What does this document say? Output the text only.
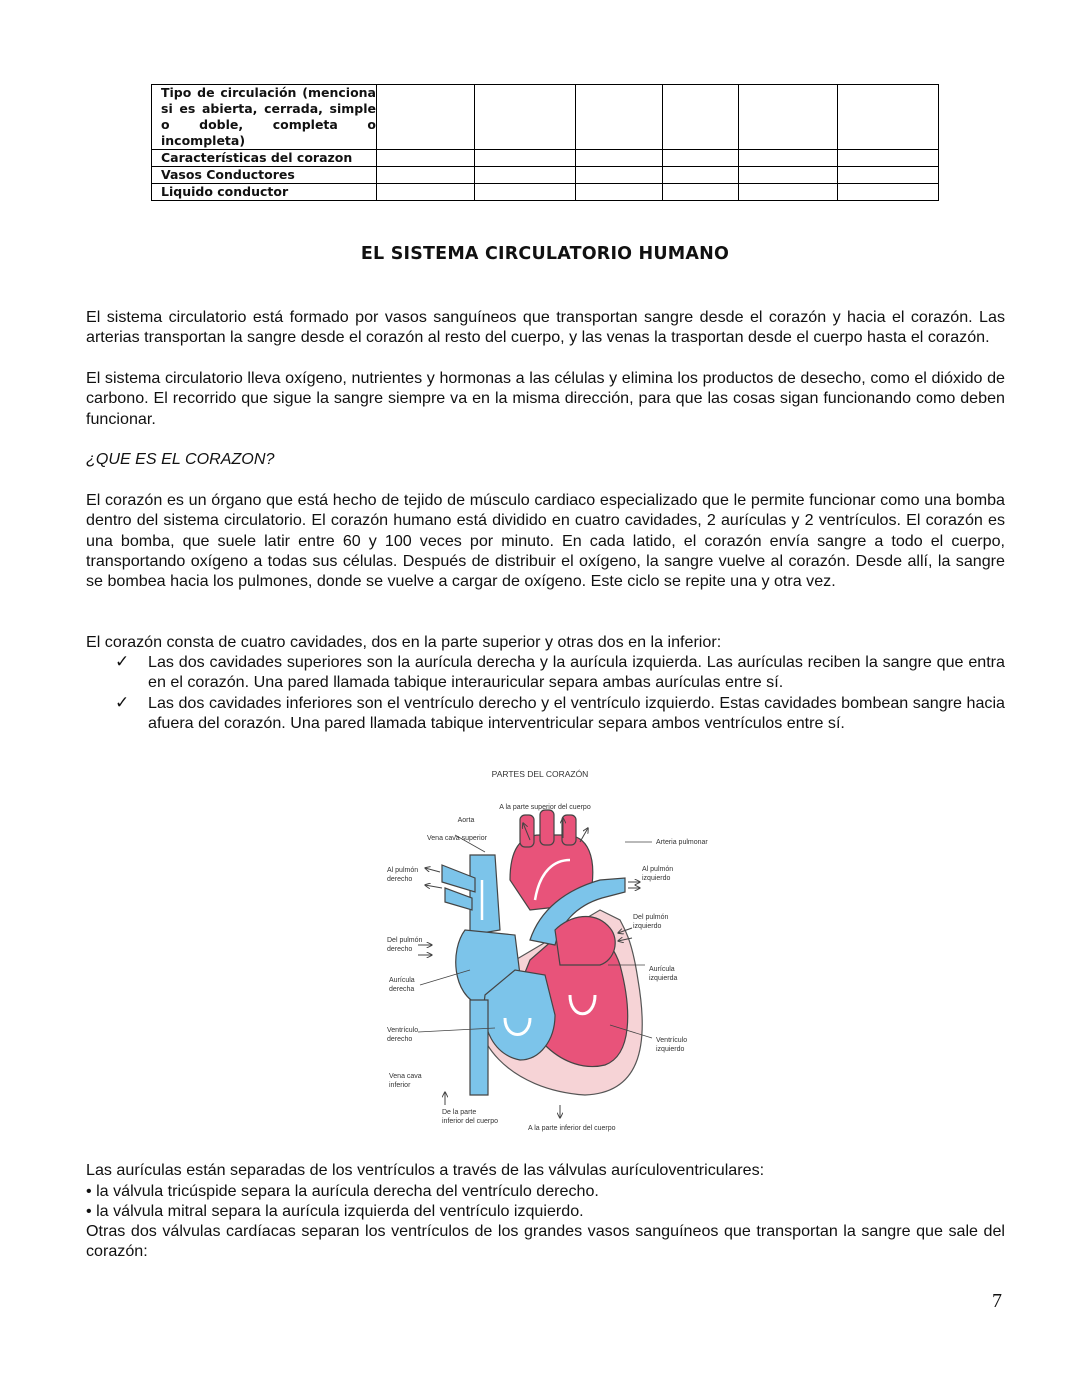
Tipo de circulación (menciona si es abierta, cerrada, simple o doble, completa o incompleta)						
Características del corazon						
Vasos Conductores						
Liquido conductor						
EL SISTEMA CIRCULATORIO HUMANO

El sistema circulatorio está formado por vasos sanguíneos que transportan sangre desde el corazón y hacia el corazón. Las arterias transportan la sangre desde el corazón al resto del cuerpo, y las venas la trasportan desde el cuerpo hasta el corazón.

El sistema circulatorio lleva oxígeno, nutrientes y hormonas a las células y elimina los productos de desecho, como el dióxido de carbono. El recorrido que sigue la sangre siempre va en la misma dirección, para que las cosas sigan funcionando como deben funcionar.

¿QUE ES EL CORAZON?

El corazón es un órgano que está hecho de tejido de músculo cardiaco especializado que le permite funcionar como una bomba dentro del sistema circulatorio. El corazón humano está dividido en cuatro cavidades, 2 aurículas y 2 ventrículos. El corazón es una bomba, que suele latir entre 60 y 100 veces por minuto. En cada latido, el corazón envía sangre a todo el cuerpo, transportando oxígeno a todas sus células. Después de distribuir el oxígeno, la sangre vuelve al corazón. Desde allí, la sangre se bombea hacia los pulmones, donde se vuelve a cargar de oxígeno. Este ciclo se repite una y otra vez.

El corazón consta de cuatro cavidades, dos en la parte superior y otras dos en la inferior:

✓ Las dos cavidades superiores son la aurícula derecha y la aurícula izquierda. Las aurículas reciben la sangre que entra en el corazón. Una pared llamada tabique interauricular separa ambas aurículas entre sí.
✓ Las dos cavidades inferiores son el ventrículo derecho y el ventrículo izquierdo. Estas cavidades bombean sangre hacia afuera del corazón. Una pared llamada tabique interventricular separa ambos ventrículos entre sí.
PARTES DEL CORAZÓN
A la parte superior del cuerpo
Aorta
Vena cava superior
Arteria pulmonar
Al pulmón
derecho
Al pulmón
izquierdo
Del pulmón
izquierdo
Del pulmón
derecho
Aurícula
izquierda
Aurícula
derecha
Ventrículo
derecho	Ventrículo
izquierdo
Vena cava
inferior
De la parte
inferior del cuerpo
A la parte inferior del cuerpo

Las aurículas están separadas de los ventrículos a través de las válvulas aurículoventriculares:

• la válvula tricúspide separa la aurícula derecha del ventrículo derecho.

• la válvula mitral separa la aurícula izquierda del ventrículo izquierdo.

Otras dos válvulas cardíacas separan los ventrículos de los grandes vasos sanguíneos que transportan la sangre que sale del corazón:

7
